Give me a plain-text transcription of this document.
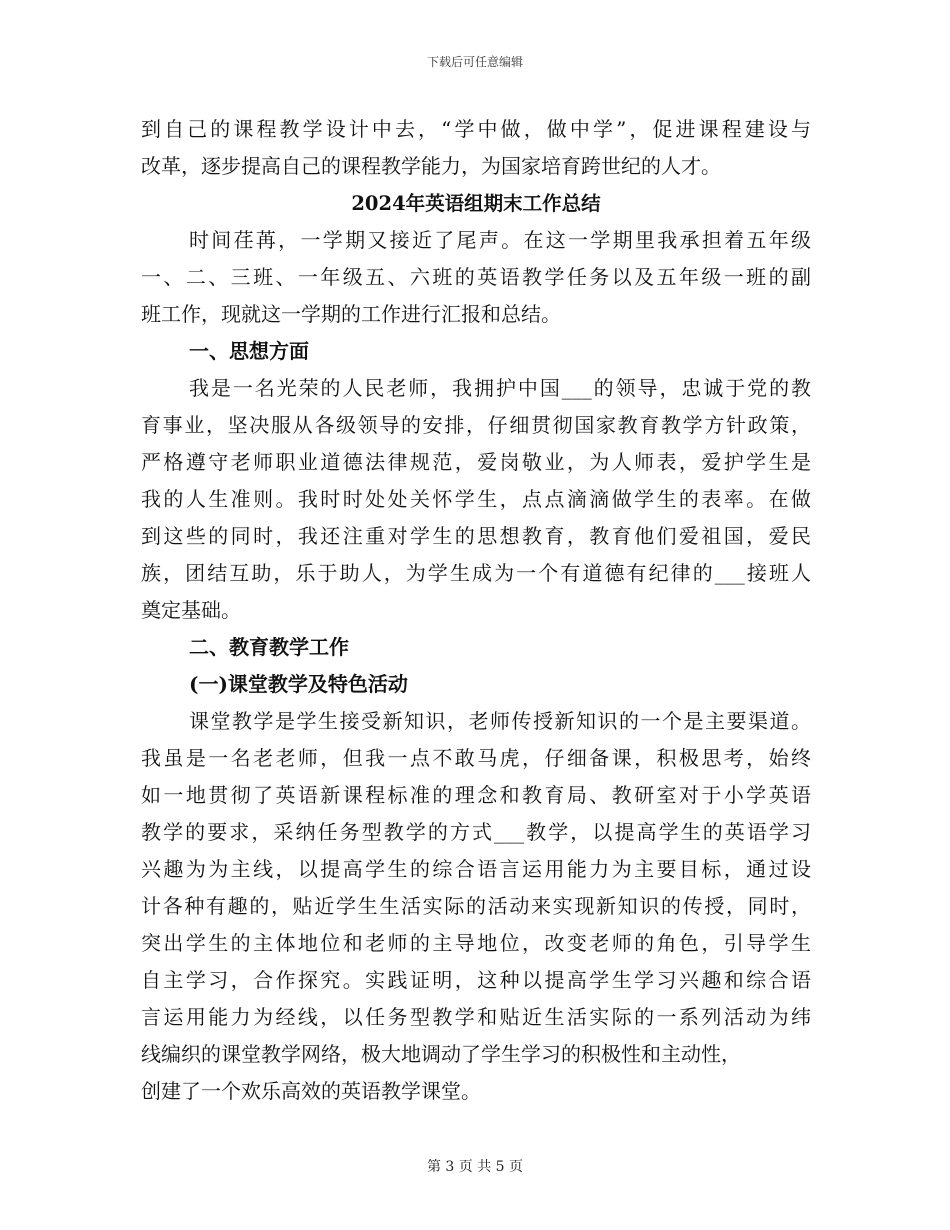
下载后可任意编辑
到自己的课程教学设计中去，“学中做，做中学”，促进课程建设与
改革，逐步提高自己的课程教学能力，为国家培育跨世纪的人才。
2024年英语组期末工作总结
时间荏苒，一学期又接近了尾声。在这一学期里我承担着五年级
一、二、三班、一年级五、六班的英语教学任务以及五年级一班的副
班工作，现就这一学期的工作进行汇报和总结。
一、思想方面
我是一名光荣的人民老师，我拥护中国___的领导，忠诚于党的教
育事业，坚决服从各级领导的安排，仔细贯彻国家教育教学方针政策，
严格遵守老师职业道德法律规范，爱岗敬业，为人师表，爱护学生是
我的人生准则。我时时处处关怀学生，点点滴滴做学生的表率。在做
到这些的同时，我还注重对学生的思想教育，教育他们爱祖国，爱民
族，团结互助，乐于助人，为学生成为一个有道德有纪律的___接班人
奠定基础。
二、教育教学工作
(一)课堂教学及特色活动
课堂教学是学生接受新知识，老师传授新知识的一个是主要渠道。
我虽是一名老老师，但我一点不敢马虎，仔细备课，积极思考，始终
如一地贯彻了英语新课程标准的理念和教育局、教研室对于小学英语
教学的要求，采纳任务型教学的方式___教学，以提高学生的英语学习
兴趣为为主线，以提高学生的综合语言运用能力为主要目标，通过设
计各种有趣的，贴近学生生活实际的活动来实现新知识的传授，同时，
突出学生的主体地位和老师的主导地位，改变老师的角色，引导学生
自主学习，合作探究。实践证明，这种以提高学生学习兴趣和综合语
言运用能力为经线，以任务型教学和贴近生活实际的一系列活动为纬
线编织的课堂教学网络，极大地调动了学生学习的积极性和主动性，
创建了一个欢乐高效的英语教学课堂。
第 3 页 共 5 页
